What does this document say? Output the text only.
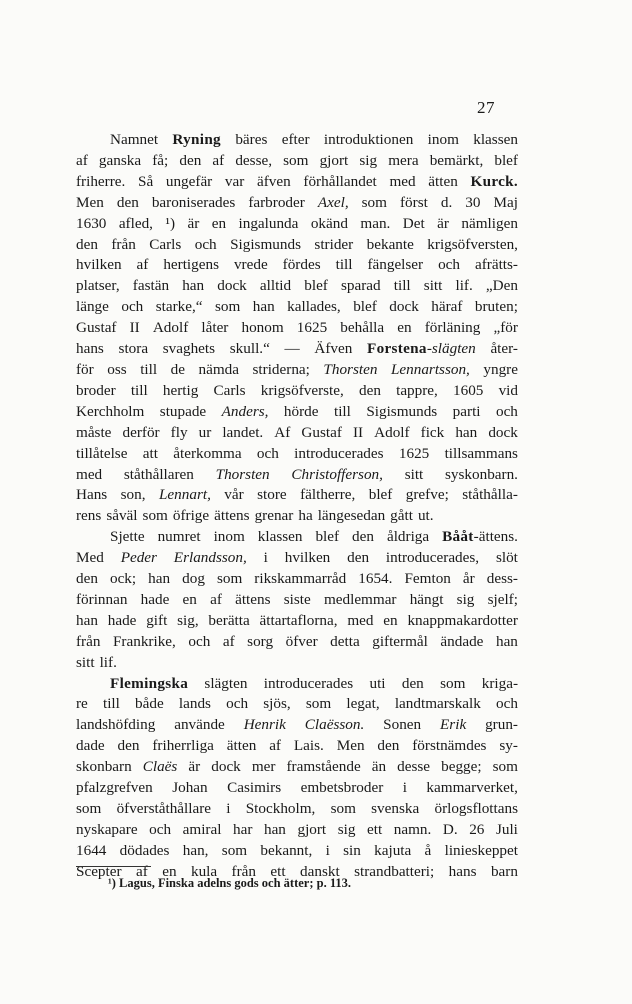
27
Namnet Ryning bäres efter introduktionen inom klassen
af ganska få; den af desse, som gjort sig mera bemärkt, blef
friherre. Så ungefär var äfven förhållandet med ätten Kurck.
Men den baroniserades farbroder Axel, som först d. 30 Maj
1630 afled, ¹) är en ingalunda okänd man. Det är nämligen
den från Carls och Sigismunds strider bekante krigsöfversten,
hvilken af hertigens vrede fördes till fängelser och afrätts-
platser, fastän han dock alltid blef sparad till sitt lif. „Den
länge och starke,“ som han kallades, blef dock häraf bruten;
Gustaf II Adolf låter honom 1625 behålla en förläning „för
hans stora svaghets skull.“ — Äfven Forstena-slägten åter-
för oss till de nämda striderna; Thorsten Lennartsson, yngre
broder till hertig Carls krigsöfverste, den tappre, 1605 vid
Kerchholm stupade Anders, hörde till Sigismunds parti och
måste derför fly ur landet. Af Gustaf II Adolf fick han dock
tillåtelse att återkomma och introducerades 1625 tillsammans
med ståthållaren Thorsten Christofferson, sitt syskonbarn.
Hans son, Lennart, vår store fältherre, blef grefve; ståthålla-
rens såväl som öfrige ättens grenar ha längesedan gått ut.
Sjette numret inom klassen blef den åldriga Bååt-ättens.
Med Peder Erlandsson, i hvilken den introducerades, slöt
den ock; han dog som rikskammarråd 1654. Femton år dess-
förinnan hade en af ättens siste medlemmar hängt sig sjelf;
han hade gift sig, berätta ättartaflorna, med en knappmakardotter
från Frankrike, och af sorg öfver detta giftermål ändade han
sitt lif.
Flemingska slägten introducerades uti den som kriga-
re till både lands och sjös, som legat, landtmarskalk och
landshöfding använde Henrik Claësson. Sonen Erik grun-
dade den friherrliga ätten af Lais. Men den förstnämdes sy-
skonbarn Claës är dock mer framstående än desse begge; som
pfalzgrefven Johan Casimirs embetsbroder i kammarverket,
som öfverståthållare i Stockholm, som svenska örlogsflottans
nyskapare och amiral har han gjort sig ett namn. D. 26 Juli
1644 dödades han, som bekannt, i sin kajuta å linieskeppet
Scepter af en kula från ett danskt strandbatteri; hans barn
¹) Lagus, Finska adelns gods och ätter; p. 113.
